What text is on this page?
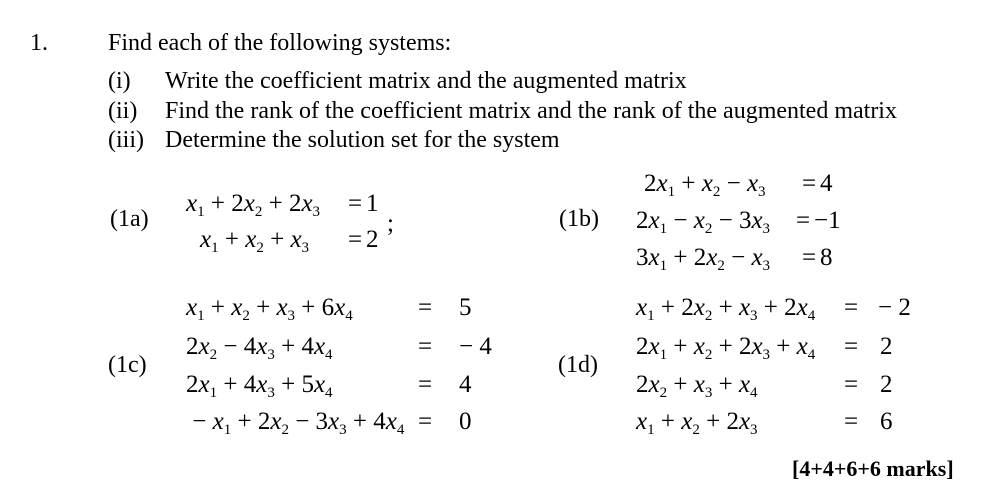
1.	Find each of the following systems:
(i) Write the coefficient matrix and the augmented matrix
(ii) Find the rank of the coefficient matrix and the rank of the augmented matrix
(iii) Determine the solution set for the system
(1a)
$x_1 + 2x_2 + 2x_3 = 1$
$x_1 + x_2 + x_3 = 2$
;	(1b)
$2x_1 + x_2 - x_3 = 4$
$2x_1 - x_2 - 3x_3 = -1$
$3x_1 + 2x_2 - x_3 = 8$
(1c)
$x_1 + x_2 + x_3 + 6x_4$	= 5
$2x_2 - 4x_3 + 4x_4$	= − 4
$2x_1 + 4x_3 + 5x_4$	= 4
− $x_1 + 2x_2 - 3x_3 + 4x_4 = 0$
(1d)
$x_1 + 2x_2 + x_3 + 2x_4$ = − 2
$2x_1 + x_2 + 2x_3 + x_4 = 2$
$2x_2 + x_3 + x_4$	= 2
$x_1 + x_2 + 2x_3$	= 6
[4+4+6+6 marks]
